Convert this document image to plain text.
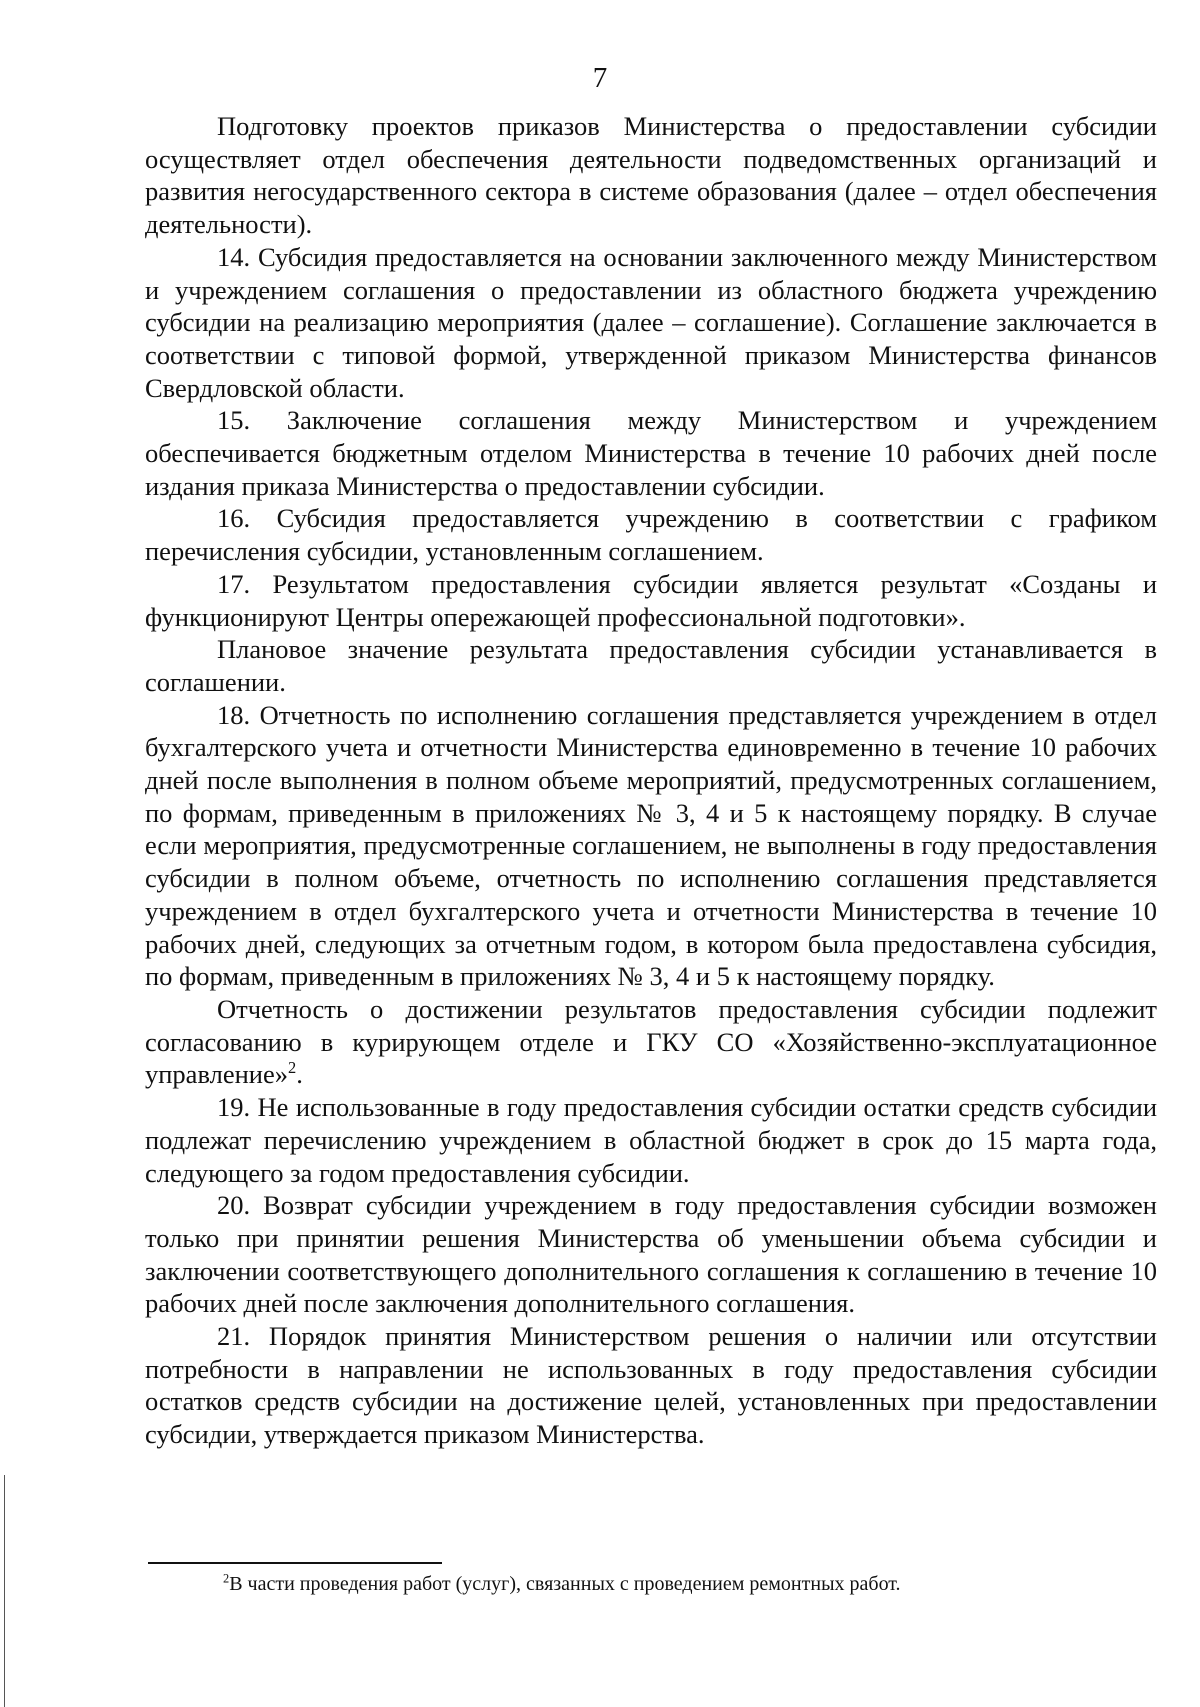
7

Подготовку проектов приказов Министерства о предоставлении субсидии осуществляет отдел обеспечения деятельности подведомственных организаций и развития негосударственного сектора в системе образования (далее – отдел обеспечения деятельности).

14. Субсидия предоставляется на основании заключенного между Министерством и учреждением соглашения о предоставлении из областного бюджета учреждению субсидии на реализацию мероприятия (далее – соглашение). Соглашение заключается в соответствии с типовой формой, утвержденной приказом Министерства финансов Свердловской области.

15. Заключение соглашения между Министерством и учреждением обеспечивается бюджетным отделом Министерства в течение 10 рабочих дней после издания приказа Министерства о предоставлении субсидии.

16. Субсидия предоставляется учреждению в соответствии с графиком перечисления субсидии, установленным соглашением.

17. Результатом предоставления субсидии является результат «Созданы и функционируют Центры опережающей профессиональной подготовки».

Плановое значение результата предоставления субсидии устанавливается в соглашении.

18. Отчетность по исполнению соглашения представляется учреждением в отдел бухгалтерского учета и отчетности Министерства единовременно в течение 10 рабочих дней после выполнения в полном объеме мероприятий, предусмотренных соглашением, по формам, приведенным в приложениях № 3, 4 и 5 к настоящему порядку. В случае если мероприятия, предусмотренные соглашением, не выполнены в году предоставления субсидии в полном объеме, отчетность по исполнению соглашения представляется учреждением в отдел бухгалтерского учета и отчетности Министерства в течение 10 рабочих дней, следующих за отчетным годом, в котором была предоставлена субсидия, по формам, приведенным в приложениях № 3, 4 и 5 к настоящему порядку.

Отчетность о достижении результатов предоставления субсидии подлежит согласованию в курирующем отделе и ГКУ СО «Хозяйственно-эксплуатационное управление»$^2$.

19. Не использованные в году предоставления субсидии остатки средств субсидии подлежат перечислению учреждением в областной бюджет в срок до 15 марта года, следующего за годом предоставления субсидии.

20. Возврат субсидии учреждением в году предоставления субсидии возможен только при принятии решения Министерства об уменьшении объема субсидии и заключении соответствующего дополнительного соглашения к соглашению в течение 10 рабочих дней после заключения дополнительного соглашения.

21. Порядок принятия Министерством решения о наличии или отсутствии потребности в направлении не использованных в году предоставления субсидии остатков средств субсидии на достижение целей, установленных при предоставлении субсидии, утверждается приказом Министерства.

$^2$В части проведения работ (услуг), связанных с проведением ремонтных работ.
